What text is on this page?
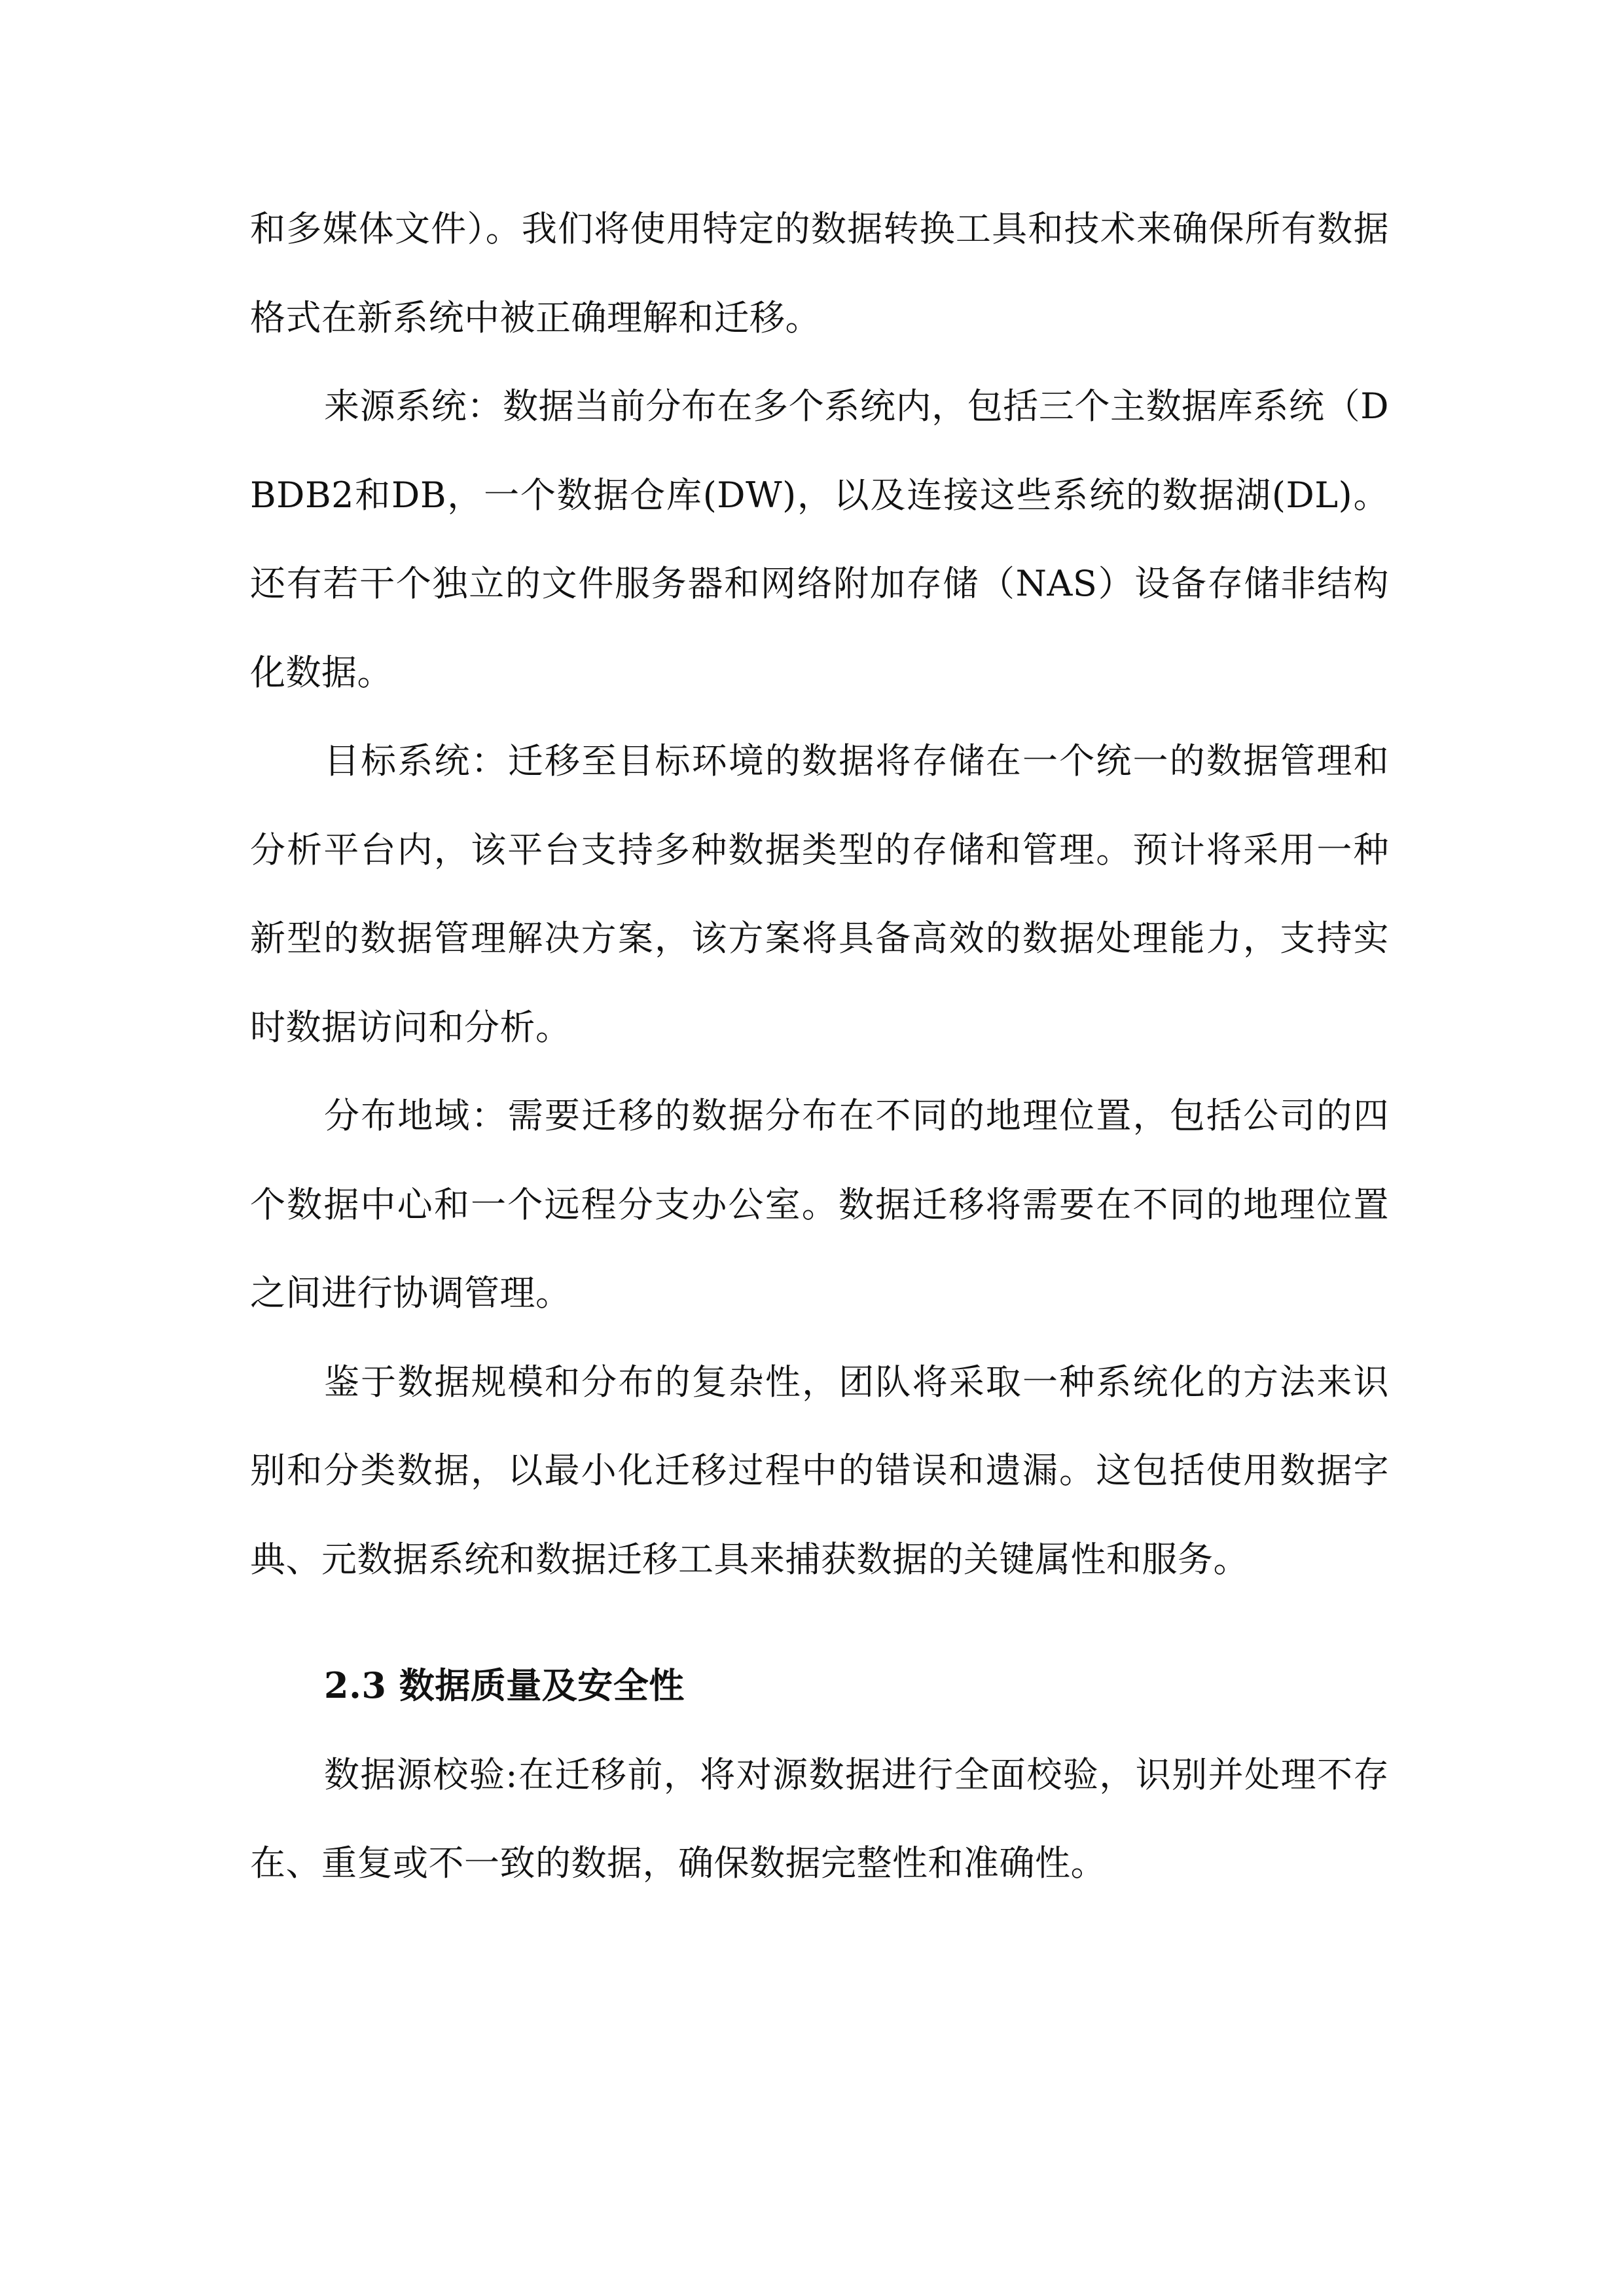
和多媒体文件）。我们将使用特定的数据转换工具和技术来确保所有数据格式在新系统中被正确理解和迁移。

来源系统：数据当前分布在多个系统内，包括三个主数据库系统（DBDB2和DB，一个数据仓库(DW)，以及连接这些系统的数据湖(DL)。还有若干个独立的文件服务器和网络附加存储（NAS）设备存储非结构化数据。

目标系统：迁移至目标环境的数据将存储在一个统一的数据管理和分析平台内，该平台支持多种数据类型的存储和管理。预计将采用一种新型的数据管理解决方案，该方案将具备高效的数据处理能力，支持实时数据访问和分析。

分布地域：需要迁移的数据分布在不同的地理位置，包括公司的四个数据中心和一个远程分支办公室。数据迁移将需要在不同的地理位置之间进行协调管理。

鉴于数据规模和分布的复杂性，团队将采取一种系统化的方法来识别和分类数据，以最小化迁移过程中的错误和遗漏。这包括使用数据字典、元数据系统和数据迁移工具来捕获数据的关键属性和服务。

2.3 数据质量及安全性

数据源校验:在迁移前，将对源数据进行全面校验，识别并处理不存在、重复或不一致的数据，确保数据完整性和准确性。
